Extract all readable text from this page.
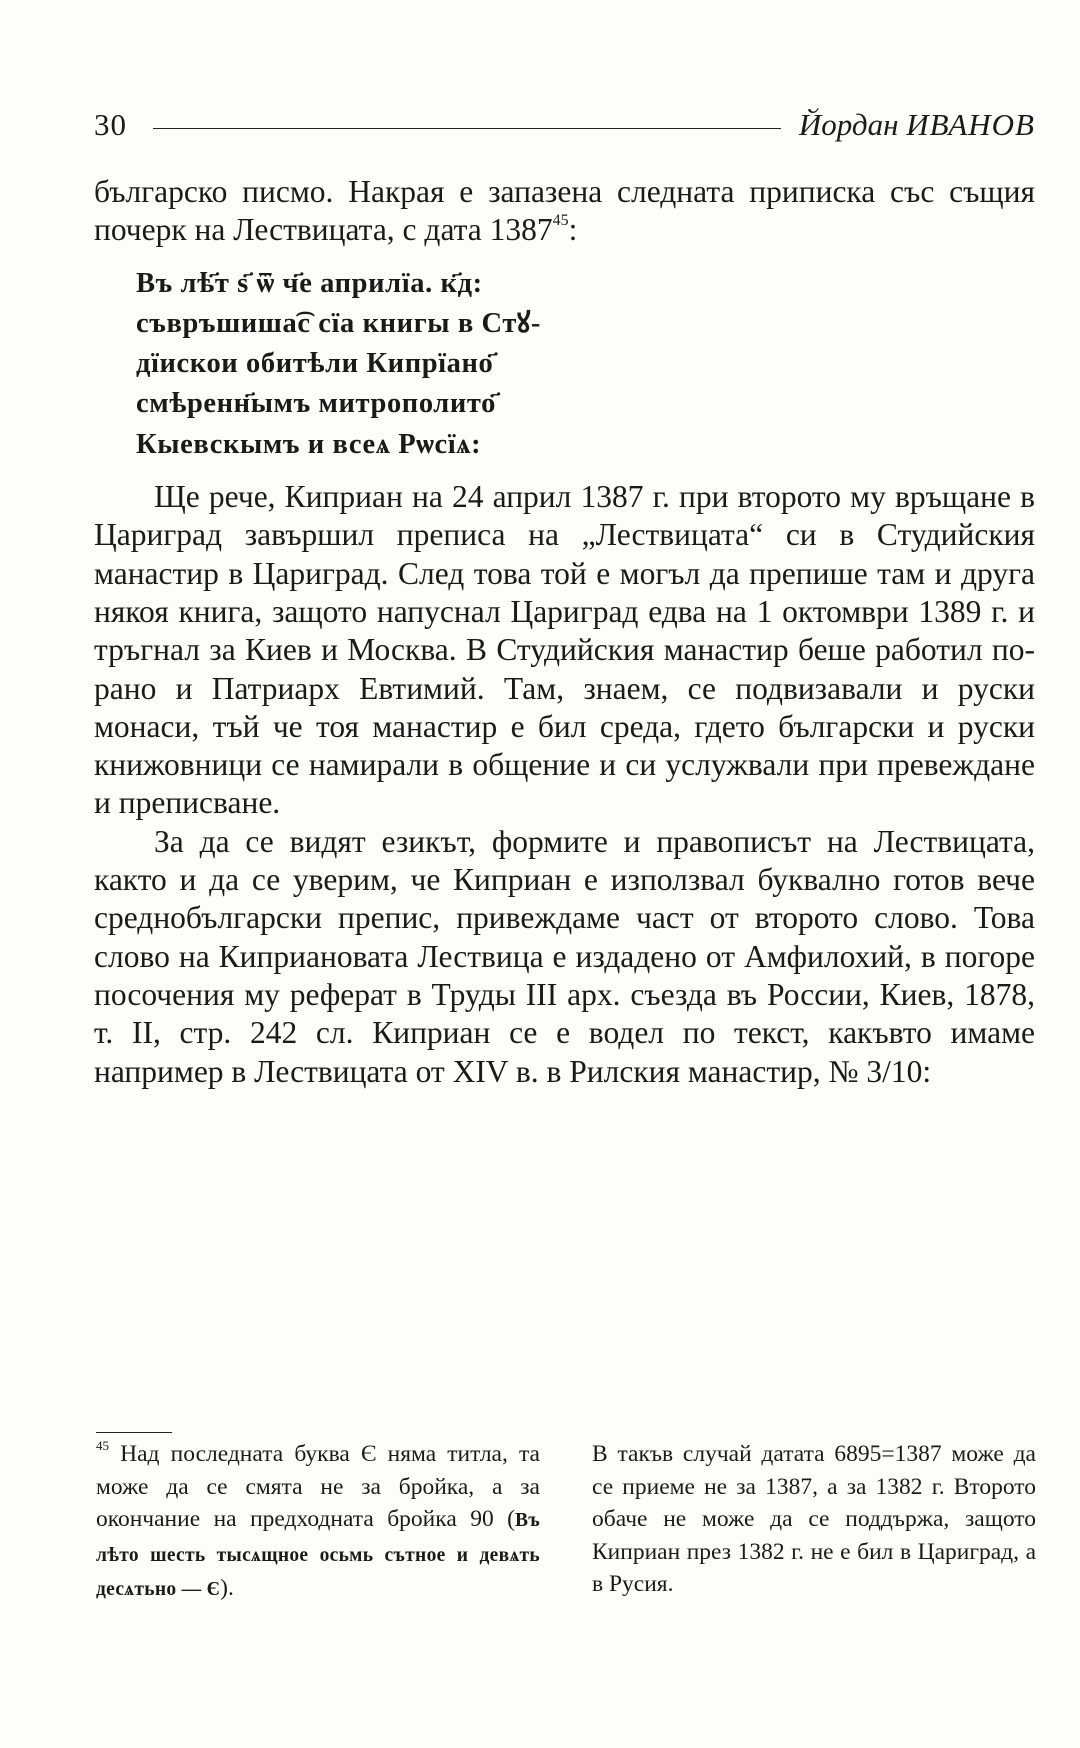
30	Йордан ИВАНОВ

българско писмо. Накрая е запазена следната приписка със същия почерк на Лествицата, с дата 1387$^{45}$:

Въ лѣ҃т ѕ҃ ѿ ч҃е априлїа. к҃д:
съвръшиша͡с сїа книгы в Стꙋ-
дїискои обитѣли Кипрїано҃
смѣренн҃ымъ митрополито҃
Кыевскымъ и всеѧ Рѡсїѧ:

Ще рече, Киприан на 24 април 1387 г. при второто му връщане в Цариград завършил преписа на „Лествицата“ си в Студийския манастир в Цариград. След това той е могъл да препише там и друга някоя книга, защото напуснал Цариград едва на 1 октомври 1389 г. и тръгнал за Киев и Москва. В Студийския манастир беше работил по-рано и Патриарх Евтимий. Там, знаем, се подвизавали и руски монаси, тъй че тоя манастир е бил среда, гдето български и руски книжовници се намирали в общение и си услужвали при превеждане и преписване.

За да се видят езикът, формите и правописът на Лествицата, както и да се уверим, че Киприан е използвал буквално готов вече среднобългарски препис, привеждаме част от второто слово. Това слово на Киприановата Лествица е издадено от Амфилохий, в погоре посочения му реферат в Труды III арх. съезда въ России, Киев, 1878, т. II, стр. 242 сл. Киприан се е водел по текст, какъвто имаме например в Лествицата от XIV в. в Рилския манастир, № 3/10:

$^{45}$ Над последната буква Є няма титла, та може да се смята не за бройка, а за окончание на предходната бройка 90 (Въ лѣто шесть тысѧщное осьмь сътное и девѧть десѧтьно — Є).
В такъв случай датата 6895=1387 може да се приеме не за 1387, а за 1382 г. Второто обаче не може да се поддържа, защото Киприан през 1382 г. не е бил в Цариград, а в Русия.
